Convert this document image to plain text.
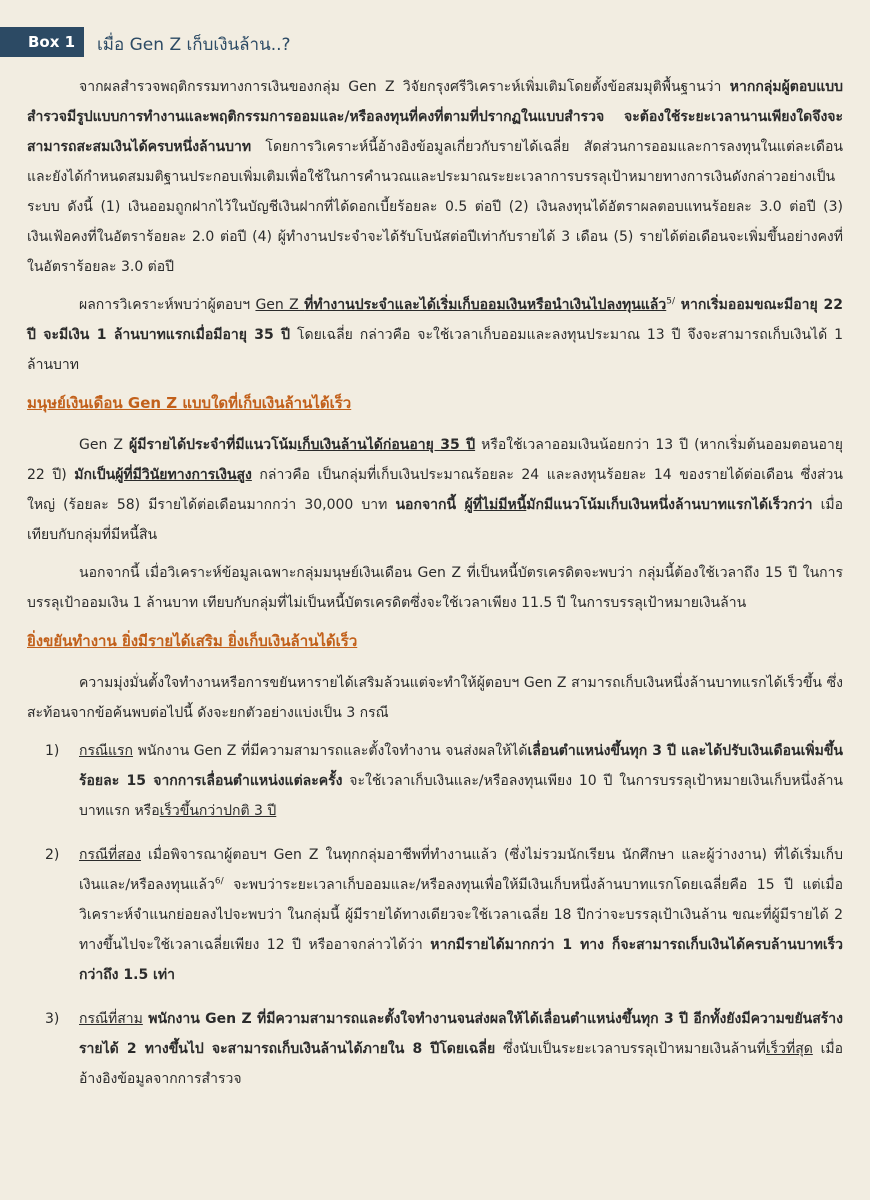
Box 1	เมื่อ Gen Z เก็บเงินล้าน..?

จากผลสำรวจพฤติกรรมทางการเงินของกลุ่ม Gen Z วิจัยกรุงศรีวิเคราะห์เพิ่มเติมโดยตั้งข้อสมมุติพื้นฐานว่า หากกลุ่มผู้ตอบแบบสำรวจมีรูปแบบการทำงานและพฤติกรรมการออมและ/หรือลงทุนที่คงที่ตามที่ปรากฏในแบบสำรวจ จะต้องใช้ระยะเวลานานเพียงใดจึงจะสามารถสะสมเงินได้ครบหนึ่งล้านบาท โดยการวิเคราะห์นี้อ้างอิงข้อมูลเกี่ยวกับรายได้เฉลี่ย สัดส่วนการออมและการลงทุนในแต่ละเดือน และยังได้กำหนดสมมติฐานประกอบเพิ่มเติมเพื่อใช้ในการคำนวณและประมาณระยะเวลาการบรรลุเป้าหมายทางการเงินดังกล่าวอย่างเป็นระบบ ดังนี้ (1) เงินออมถูกฝากไว้ในบัญชีเงินฝากที่ได้ดอกเบี้ยร้อยละ 0.5 ต่อปี (2) เงินลงทุนได้อัตราผลตอบแทนร้อยละ 3.0 ต่อปี (3) เงินเฟ้อคงที่ในอัตราร้อยละ 2.0 ต่อปี (4) ผู้ทำงานประจำจะได้รับโบนัสต่อปีเท่ากับรายได้ 3 เดือน (5) รายได้ต่อเดือนจะเพิ่มขึ้นอย่างคงที่ในอัตราร้อยละ 3.0 ต่อปี

ผลการวิเคราะห์พบว่าผู้ตอบฯ Gen Z ที่ทำงานประจำและได้เริ่มเก็บออมเงินหรือนำเงินไปลงทุนแล้ว$^{5/}$ หากเริ่มออมขณะมีอายุ 22 ปี จะมีเงิน 1 ล้านบาทแรกเมื่อมีอายุ 35 ปี โดยเฉลี่ย กล่าวคือ จะใช้เวลาเก็บออมและลงทุนประมาณ 13 ปี จึงจะสามารถเก็บเงินได้ 1 ล้านบาท

มนุษย์เงินเดือน Gen Z แบบใดที่เก็บเงินล้านได้เร็ว

Gen Z ผู้มีรายได้ประจำที่มีแนวโน้มเก็บเงินล้านได้ก่อนอายุ 35 ปี หรือใช้เวลาออมเงินน้อยกว่า 13 ปี (หากเริ่มต้นออมตอนอายุ 22 ปี) มักเป็นผู้ที่มีวินัยทางการเงินสูง กล่าวคือ เป็นกลุ่มที่เก็บเงินประมาณร้อยละ 24 และลงทุนร้อยละ 14 ของรายได้ต่อเดือน ซึ่งส่วนใหญ่ (ร้อยละ 58) มีรายได้ต่อเดือนมากกว่า 30,000 บาท นอกจากนี้ ผู้ที่ไม่มีหนี้มักมีแนวโน้มเก็บเงินหนึ่งล้านบาทแรกได้เร็วกว่า เมื่อเทียบกับกลุ่มที่มีหนี้สิน

นอกจากนี้ เมื่อวิเคราะห์ข้อมูลเฉพาะกลุ่มมนุษย์เงินเดือน Gen Z ที่เป็นหนี้บัตรเครดิตจะพบว่า กลุ่มนี้ต้องใช้เวลาถึง 15 ปี ในการบรรลุเป้าออมเงิน 1 ล้านบาท เทียบกับกลุ่มที่ไม่เป็นหนี้บัตรเครดิตซึ่งจะใช้เวลาเพียง 11.5 ปี ในการบรรลุเป้าหมายเงินล้าน

ยิ่งขยันทำงาน ยิ่งมีรายได้เสริม ยิ่งเก็บเงินล้านได้เร็ว

ความมุ่งมั่นตั้งใจทำงานหรือการขยันหารายได้เสริมล้วนแต่จะทำให้ผู้ตอบฯ Gen Z สามารถเก็บเงินหนึ่งล้านบาทแรกได้เร็วขึ้น ซึ่งสะท้อนจากข้อค้นพบต่อไปนี้ ดังจะยกตัวอย่างแบ่งเป็น 3 กรณี

1) กรณีแรก พนักงาน Gen Z ที่มีความสามารถและตั้งใจทำงาน จนส่งผลให้ได้เลื่อนตำแหน่งขึ้นทุก 3 ปี และได้ปรับเงินเดือนเพิ่มขึ้นร้อยละ 15 จากการเลื่อนตำแหน่งแต่ละครั้ง จะใช้เวลาเก็บเงินและ/หรือลงทุนเพียง 10 ปี ในการบรรลุเป้าหมายเงินเก็บหนึ่งล้านบาทแรก หรือเร็วขึ้นกว่าปกติ 3 ปี
2) กรณีที่สอง เมื่อพิจารณาผู้ตอบฯ Gen Z ในทุกกลุ่มอาชีพที่ทำงานแล้ว (ซึ่งไม่รวมนักเรียน นักศึกษา และผู้ว่างงาน) ที่ได้เริ่มเก็บเงินและ/หรือลงทุนแล้ว$^{6/}$ จะพบว่าระยะเวลาเก็บออมและ/หรือลงทุนเพื่อให้มีเงินเก็บหนึ่งล้านบาทแรกโดยเฉลี่ยคือ 15 ปี แต่เมื่อวิเคราะห์จำแนกย่อยลงไปจะพบว่า ในกลุ่มนี้ ผู้มีรายได้ทางเดียวจะใช้เวลาเฉลี่ย 18 ปีกว่าจะบรรลุเป้าเงินล้าน ขณะที่ผู้มีรายได้ 2 ทางขึ้นไปจะใช้เวลาเฉลี่ยเพียง 12 ปี หรืออาจกล่าวได้ว่า หากมีรายได้มากกว่า 1 ทาง ก็จะสามารถเก็บเงินได้ครบล้านบาทเร็วกว่าถึง 1.5 เท่า
3) กรณีที่สาม พนักงาน Gen Z ที่มีความสามารถและตั้งใจทำงานจนส่งผลให้ได้เลื่อนตำแหน่งขึ้นทุก 3 ปี อีกทั้งยังมีความขยันสร้างรายได้ 2 ทางขึ้นไป จะสามารถเก็บเงินล้านได้ภายใน 8 ปีโดยเฉลี่ย ซึ่งนับเป็นระยะเวลาบรรลุเป้าหมายเงินล้านที่เร็วที่สุด เมื่ออ้างอิงข้อมูลจากการสำรวจ
